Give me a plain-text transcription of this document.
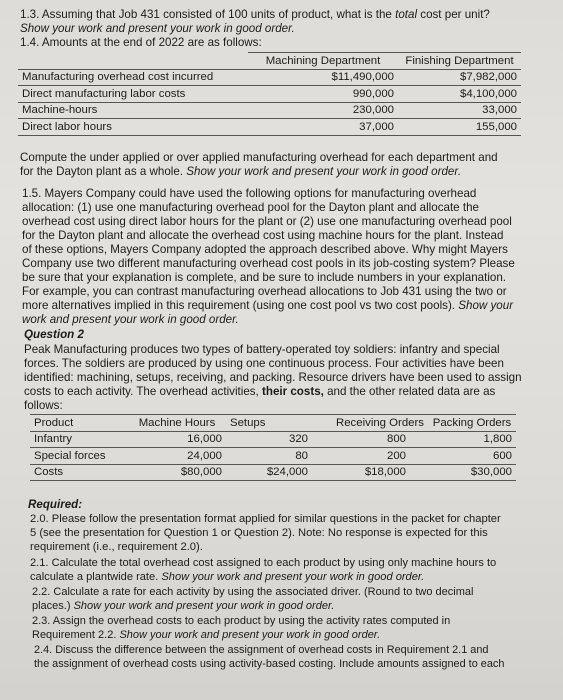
1.3. Assuming that Job 431 consisted of 100 units of product, what is the total cost per unit?
Show your work and present your work in good order.
1.4. Amounts at the end of 2022 are as follows:
	Machining Department	Finishing Department
Manufacturing overhead cost incurred	$11,490,000	$7,982,000
Direct manufacturing labor costs	990,000	$4,100,000
Machine-hours	230,000	33,000
Direct labor hours	37,000	155,000
Compute the under applied or over applied manufacturing overhead for each department and
for the Dayton plant as a whole. Show your work and present your work in good order.
1.5. Mayers Company could have used the following options for manufacturing overhead
allocation: (1) use one manufacturing overhead pool for the Dayton plant and allocate the
overhead cost using direct labor hours for the plant or (2) use one manufacturing overhead pool
for the Dayton plant and allocate the overhead cost using machine hours for the plant. Instead
of these options, Mayers Company adopted the approach described above. Why might Mayers
Company use two different manufacturing overhead cost pools in its job-costing system? Please
be sure that your explanation is complete, and be sure to include numbers in your explanation.
For example, you can contrast manufacturing overhead allocations to Job 431 using the two or
more alternatives implied in this requirement (using one cost pool vs two cost pools). Show your
work and present your work in good order.
Question 2
Peak Manufacturing produces two types of battery-operated toy soldiers: infantry and special
forces. The soldiers are produced by using one continuous process. Four activities have been
identified: machining, setups, receiving, and packing. Resource drivers have been used to assign
costs to each activity. The overhead activities, their costs, and the other related data are as
follows:
Product	Machine Hours	Setups	Receiving Orders	Packing Orders
Infantry	16,000	320	800	1,800
Special forces	24,000	80	200	600
Costs	$80,000	$24,000	$18,000	$30,000
Required:
2.0. Please follow the presentation format applied for similar questions in the packet for chapter
5 (see the presentation for Question 1 or Question 2). Note: No response is expected for this
requirement (i.e., requirement 2.0).
2.1. Calculate the total overhead cost assigned to each product by using only machine hours to
calculate a plantwide rate. Show your work and present your work in good order.
2.2. Calculate a rate for each activity by using the associated driver. (Round to two decimal
places.) Show your work and present your work in good order.
2.3. Assign the overhead costs to each product by using the activity rates computed in
Requirement 2.2. Show your work and present your work in good order.
2.4. Discuss the difference between the assignment of overhead costs in Requirement 2.1 and
the assignment of overhead costs using activity-based costing. Include amounts assigned to each
